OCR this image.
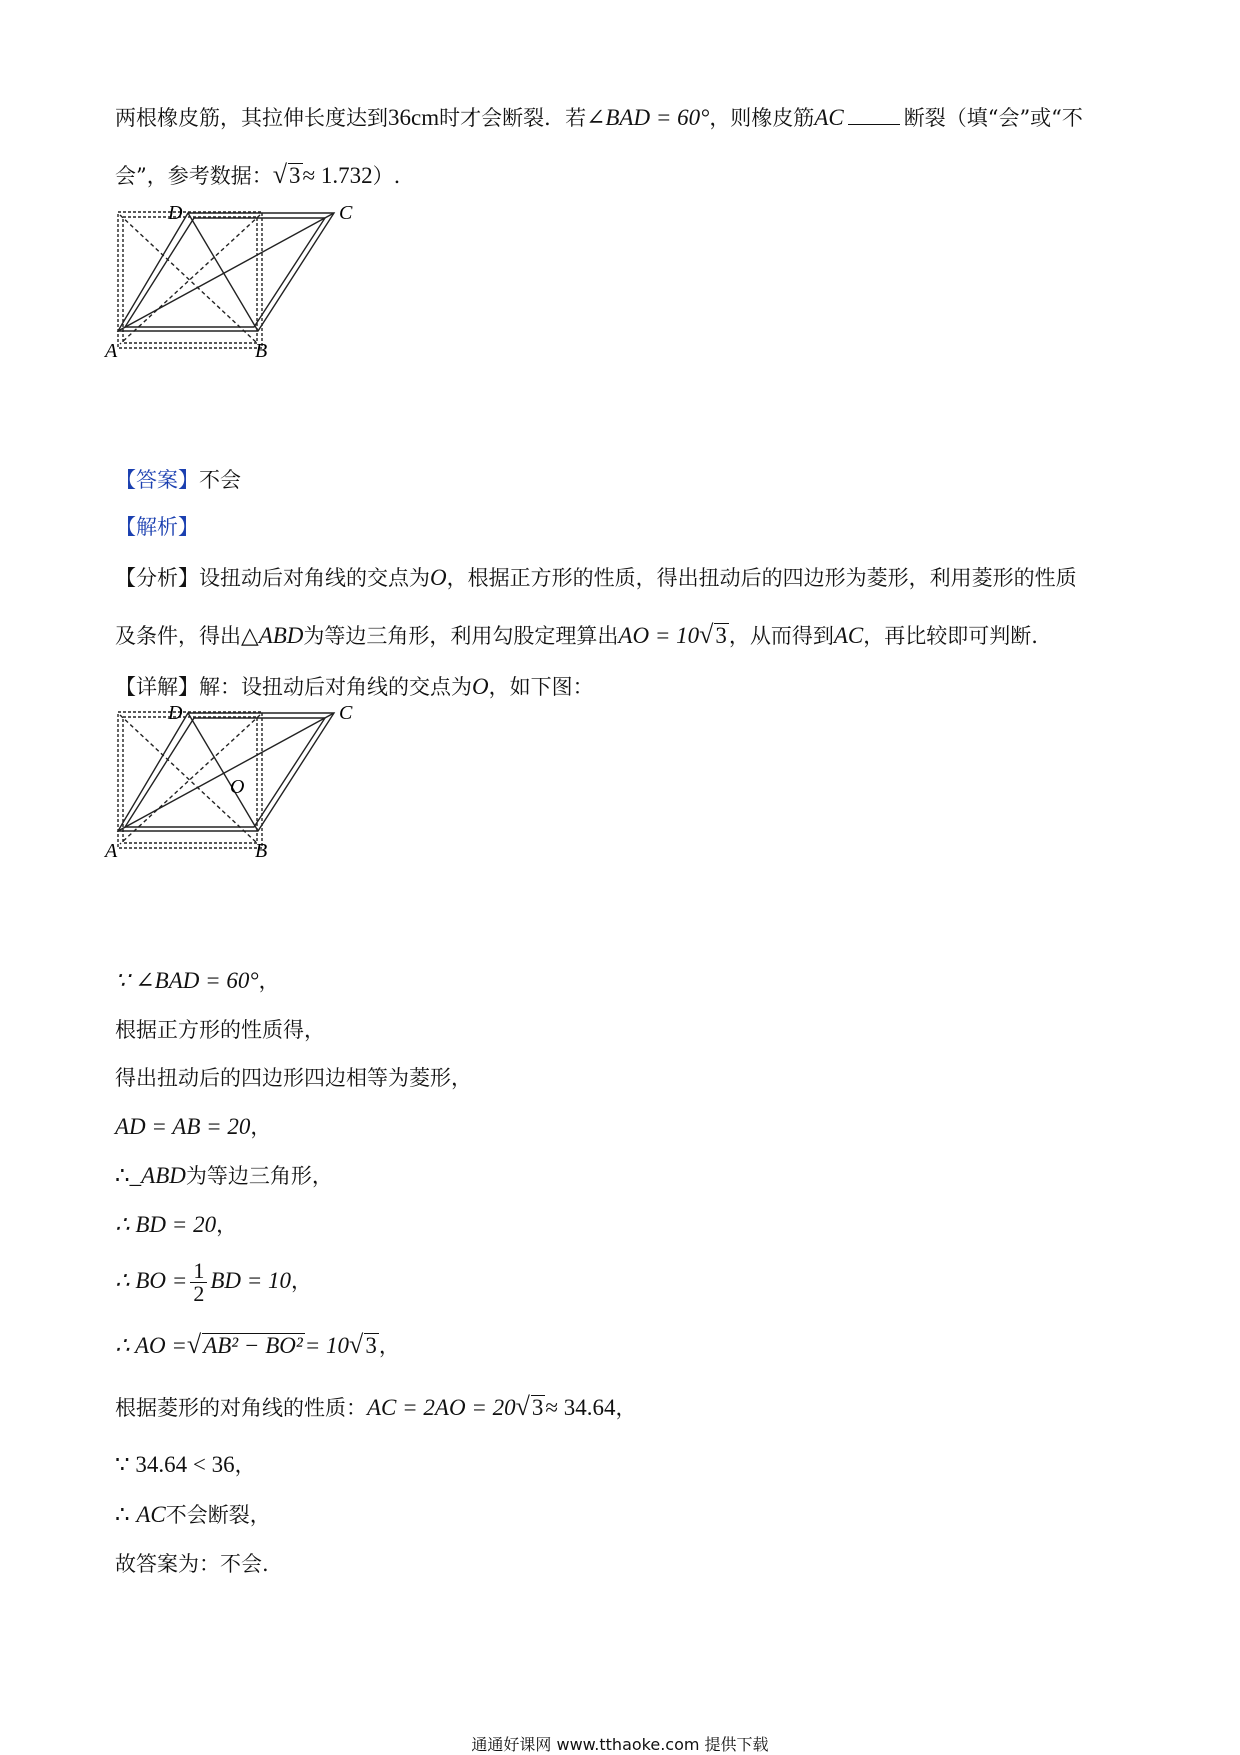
两根橡皮筋，其拉伸长度达到36cm时才会断裂．若∠BAD = 60°，则橡皮筋AC	断裂（填“会”或“不
会”，参考数据：√3≈ 1.732）.
A	B
C
D
【答案】不会
【解析】
【分析】设扭动后对角线的交点为O，根据正方形的性质，得出扭动后的四边形为菱形，利用菱形的性质
及条件，得出△ABD为等边三角形，利用勾股定理算出AO = 10√3，从而得到AC，再比较即可判断.
【详解】解：设扭动后对角线的交点为O，如下图：
A	B
C
D
O
∵ ∠BAD = 60°，
根据正方形的性质得，
得出扭动后的四边形四边相等为菱形，
AD = AB = 20，
∴_ABD为等边三角形，
∴ BD = 20，
∴ BO = $\frac{1}{2}$ BD = 10，
∴ AO =√AB² − BO²= 10√3，
根据菱形的对角线的性质：AC = 2AO = 20√3≈ 34.64，
∵ 34.64 < 36，
∴ AC不会断裂，
故答案为：不会.
通通好课网 www.tthaoke.com 提供下载
